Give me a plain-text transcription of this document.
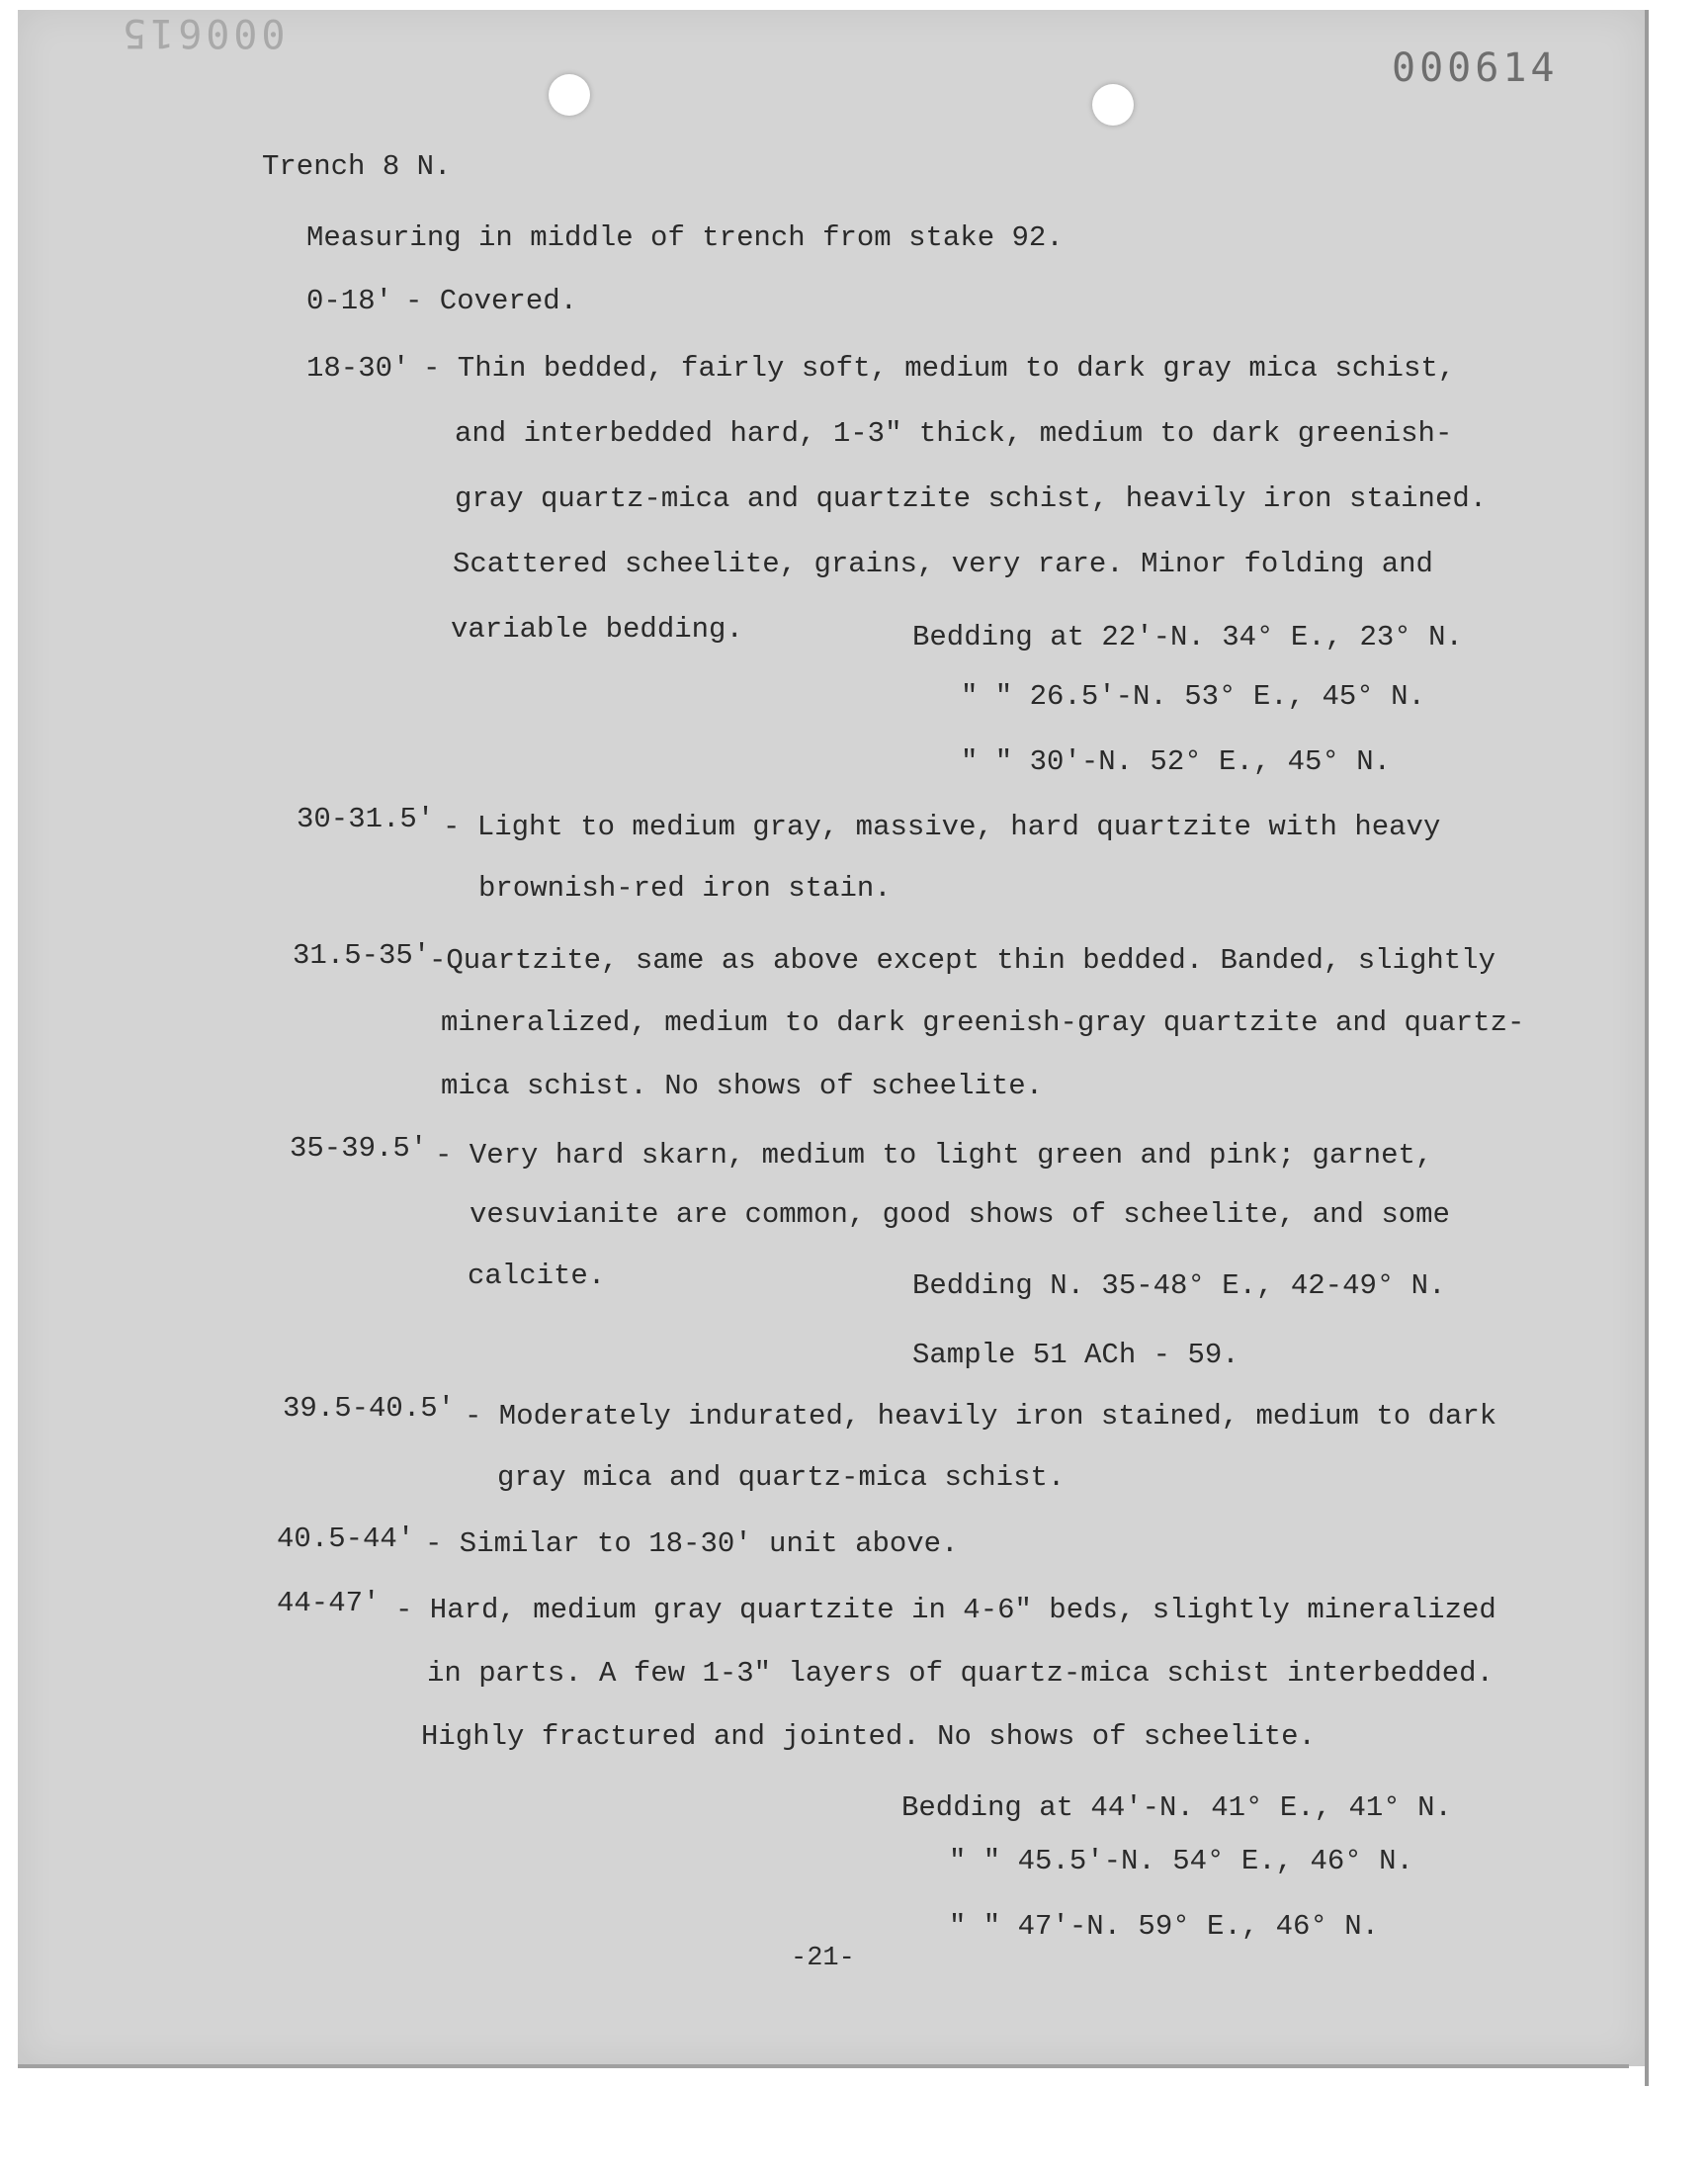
000615
000614

Trench 8 N.

Measuring in middle of trench from stake 92.

0-18' - Covered.

18-30' - Thin bedded, fairly soft, medium to dark gray mica schist,

and interbedded hard, 1-3" thick, medium to dark greenish-

gray quartz-mica and quartzite schist, heavily iron stained.

Scattered scheelite, grains, very rare. Minor folding and

variable bedding.	Bedding at 22'-N. 34° E., 23° N.

" " 26.5'-N. 53° E., 45° N.

" " 30'-N. 52° E., 45° N.

30-31.5' - Light to medium gray, massive, hard quartzite with heavy

brownish-red iron stain.

31.5-35'

-Quartzite, same as above except thin bedded. Banded, slightly

mineralized, medium to dark greenish-gray quartzite and quartz-

mica schist. No shows of scheelite.

35-39.5' - Very hard skarn, medium to light green and pink; garnet,

vesuvianite are common, good shows of scheelite, and some

calcite.	Bedding N. 35-48° E., 42-49° N.

Sample 51 ACh - 59.

39.5-40.5' - Moderately indurated, heavily iron stained, medium to dark

gray mica and quartz-mica schist.

40.5-44' - Similar to 18-30' unit above.

44-47' - Hard, medium gray quartzite in 4-6" beds, slightly mineralized

in parts. A few 1-3" layers of quartz-mica schist interbedded.

Highly fractured and jointed. No shows of scheelite.

Bedding at 44'-N. 41° E., 41° N.

" " 45.5'-N. 54° E., 46° N.

" " 47'-N. 59° E., 46° N.

-21-
